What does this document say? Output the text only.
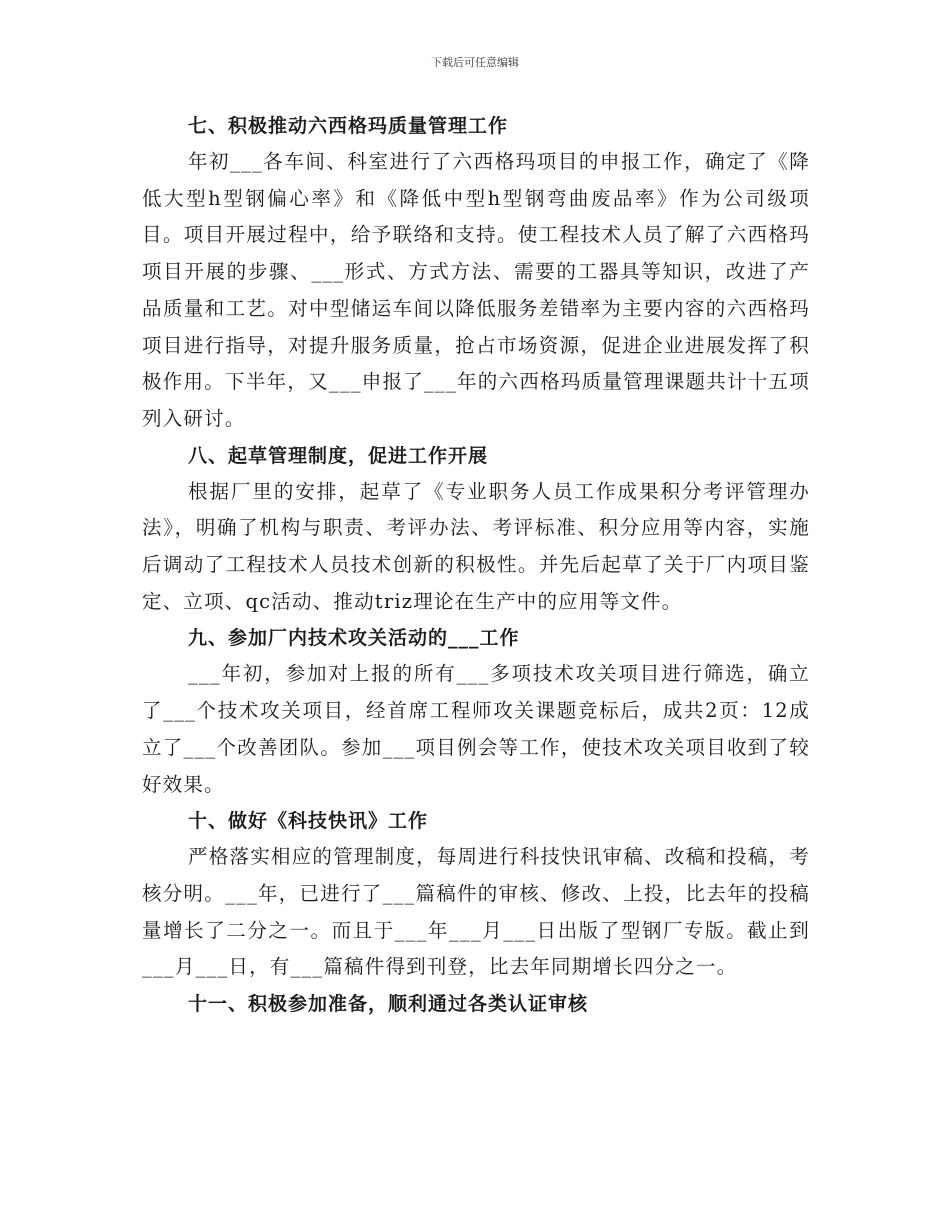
下载后可任意编辑

七、积极推动六西格玛质量管理工作

年初___各车间、科室进行了六西格玛项目的申报工作，确定了《降低大型h型钢偏心率》和《降低中型h型钢弯曲废品率》作为公司级项目。项目开展过程中，给予联络和支持。使工程技术人员了解了六西格玛项目开展的步骤、___形式、方式方法、需要的工器具等知识，改进了产品质量和工艺。对中型储运车间以降低服务差错率为主要内容的六西格玛项目进行指导，对提升服务质量，抢占市场资源，促进企业进展发挥了积极作用。下半年，又___申报了___年的六西格玛质量管理课题共计十五项列入研讨。

八、起草管理制度，促进工作开展

根据厂里的安排，起草了《专业职务人员工作成果积分考评管理办法》，明确了机构与职责、考评办法、考评标准、积分应用等内容，实施后调动了工程技术人员技术创新的积极性。并先后起草了关于厂内项目鉴定、立项、qc活动、推动triz理论在生产中的应用等文件。

九、参加厂内技术攻关活动的___工作

___年初，参加对上报的所有___多项技术攻关项目进行筛选，确立了___个技术攻关项目，经首席工程师攻关课题竞标后，成共2页：12成立了___个改善团队。参加___项目例会等工作，使技术攻关项目收到了较好效果。

十、做好《科技快讯》工作

严格落实相应的管理制度，每周进行科技快讯审稿、改稿和投稿，考核分明。___年，已进行了___篇稿件的审核、修改、上投，比去年的投稿量增长了二分之一。而且于___年___月___日出版了型钢厂专版。截止到___月___日，有___篇稿件得到刊登，比去年同期增长四分之一。

十一、积极参加准备，顺利通过各类认证审核
